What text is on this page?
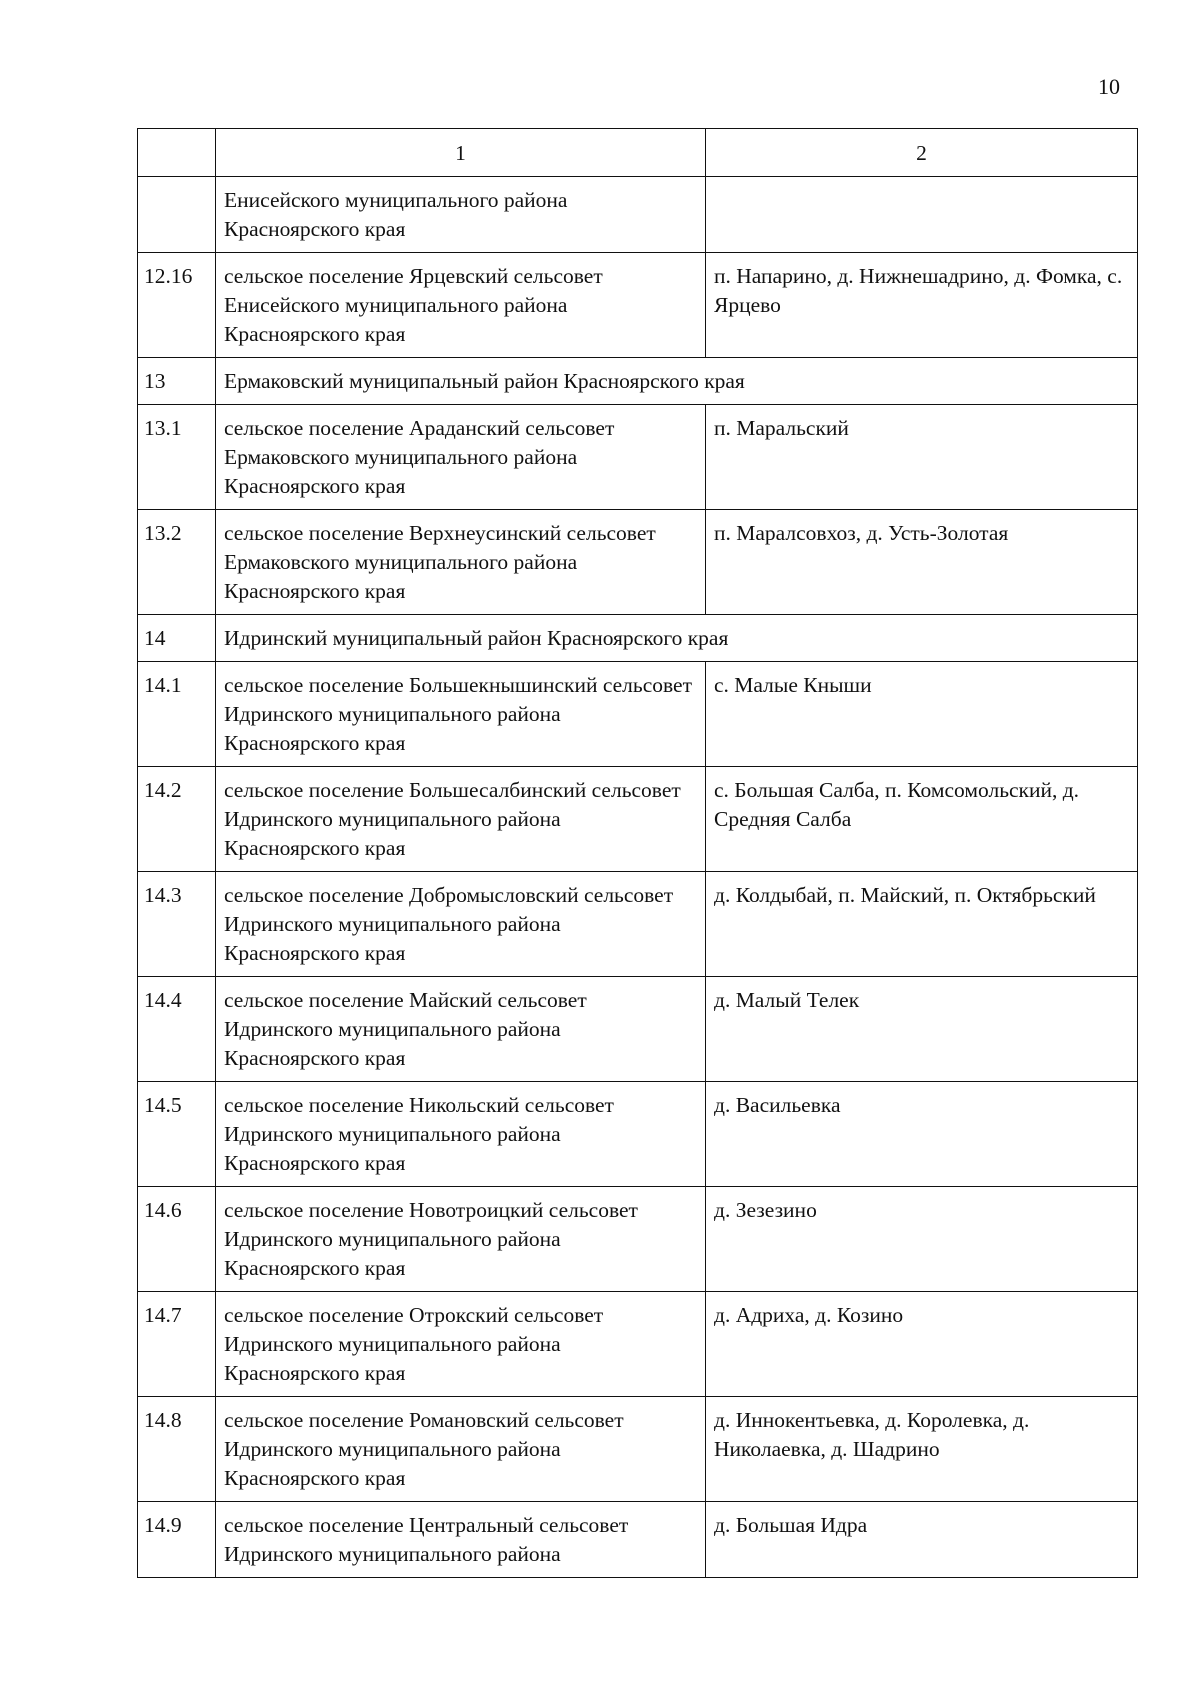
10
	1	2
	Енисейского муниципального района Красноярского края	
12.16	сельское поселение Ярцевский сельсовет Енисейского муниципального района Красноярского края	п. Напарино, д. Нижнешадрино, д. Фомка, с. Ярцево
13	Ермаковский муниципальный район Красноярского края	
13.1	сельское поселение Араданский сельсовет Ермаковского муниципального района Красноярского края	п. Маральский
13.2	сельское поселение Верхнеусинский сельсовет Ермаковского муниципального района Красноярского края	п. Маралсовхоз, д. Усть-Золотая
14	Идринский муниципальный район Красноярского края	
14.1	сельское поселение Большекнышинский сельсовет Идринского муниципального района Красноярского края	с. Малые Кныши
14.2	сельское поселение Большесалбинский сельсовет Идринского муниципального района Красноярского края	с. Большая Салба, п. Комсомольский, д. Средняя Салба
14.3	сельское поселение Добромысловский сельсовет Идринского муниципального района Красноярского края	д. Колдыбай, п. Майский, п. Октябрьский
14.4	сельское поселение Майский сельсовет Идринского муниципального района Красноярского края	д. Малый Телек
14.5	сельское поселение Никольский сельсовет Идринского муниципального района Красноярского края	д. Васильевка
14.6	сельское поселение Новотроицкий сельсовет Идринского муниципального района Красноярского края	д. Зезезино
14.7	сельское поселение Отрокский сельсовет Идринского муниципального района Красноярского края	д. Адриха, д. Козино
14.8	сельское поселение Романовский сельсовет Идринского муниципального района Красноярского края	д. Иннокентьевка, д. Королевка, д. Николаевка, д. Шадрино
14.9	сельское поселение Центральный сельсовет Идринского муниципального района	д. Большая Идра
